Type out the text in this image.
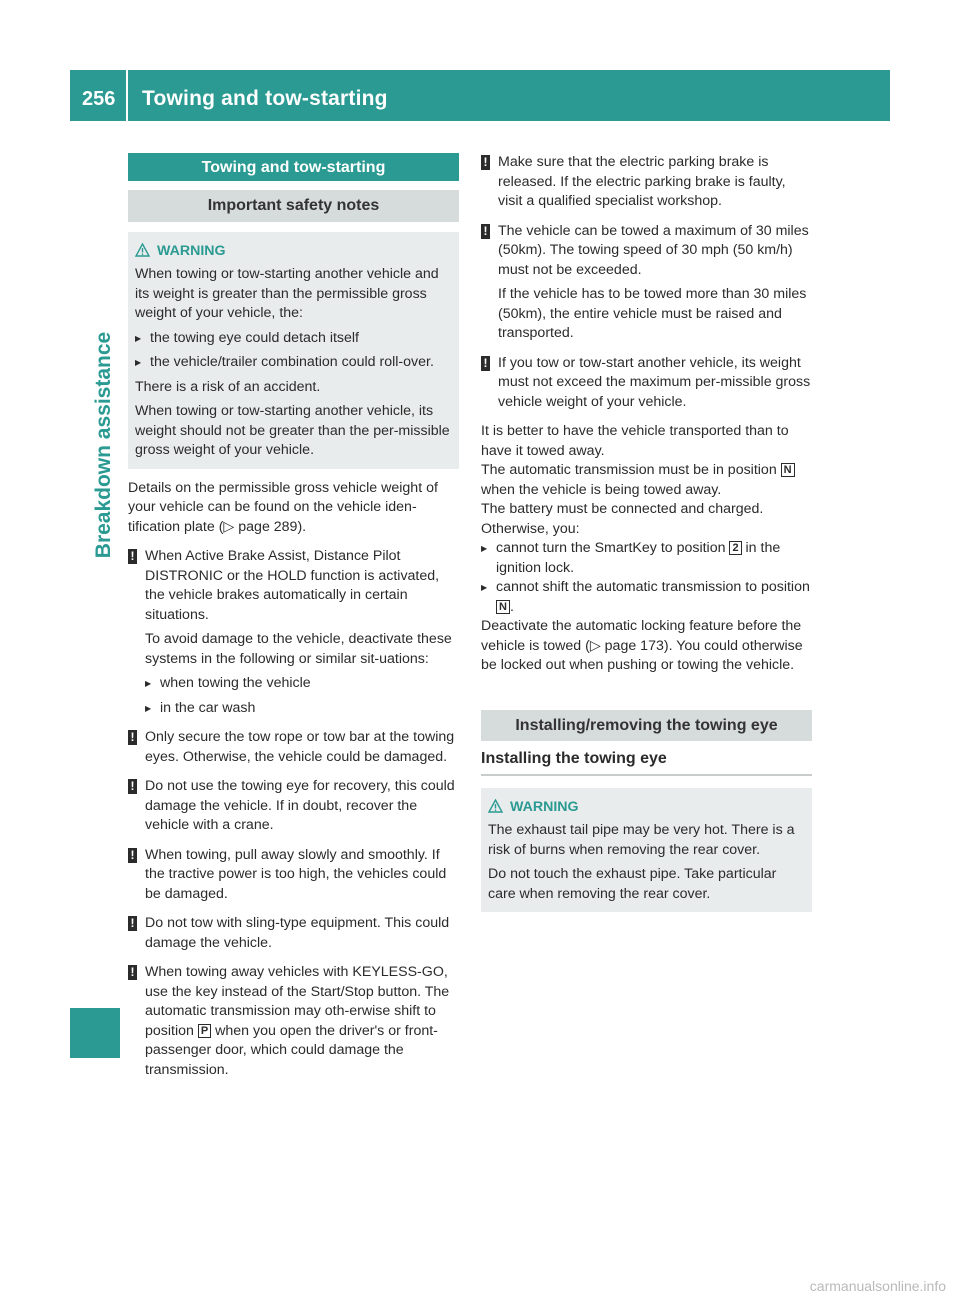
256 Towing and tow-starting
Breakdown assistance
Towing and tow-starting
Important safety notes
WARNING

When towing or tow-starting another vehicle and its weight is greater than the permissible gross weight of your vehicle, the:

▶ the towing eye could detach itself
▶ the vehicle/trailer combination could roll-over.

There is a risk of an accident.

When towing or tow-starting another vehicle, its weight should not be greater than the per-missible gross weight of your vehicle.

Details on the permissible gross vehicle weight of your vehicle can be found on the vehicle iden-tification plate (▷ page 289).

! When Active Brake Assist, Distance Pilot DISTRONIC or the HOLD function is activated, the vehicle brakes automatically in certain situations.

To avoid damage to the vehicle, deactivate these systems in the following or similar sit-uations:

▶ when towing the vehicle
▶ in the car wash
! Only secure the tow rope or tow bar at the towing eyes. Otherwise, the vehicle could be damaged.

! Do not use the towing eye for recovery, this could damage the vehicle. If in doubt, recover the vehicle with a crane.

! When towing, pull away slowly and smoothly. If the tractive power is too high, the vehicles could be damaged.

! Do not tow with sling-type equipment. This could damage the vehicle.

! When towing away vehicles with KEYLESS-GO, use the key instead of the Start/Stop button. The automatic transmission may oth-erwise shift to position P when you open the driver's or front-passenger door, which could damage the transmission.

! Make sure that the electric parking brake is released. If the electric parking brake is faulty, visit a qualified specialist workshop.

! The vehicle can be towed a maximum of 30 miles (50km). The towing speed of 30 mph (50 km/h) must not be exceeded.

If the vehicle has to be towed more than 30 miles (50km), the entire vehicle must be raised and transported.

! If you tow or tow-start another vehicle, its weight must not exceed the maximum per-missible gross vehicle weight of your vehicle.

It is better to have the vehicle transported than to have it towed away.

The automatic transmission must be in position N when the vehicle is being towed away.

The battery must be connected and charged. Otherwise, you:

▶ cannot turn the SmartKey to position 2 in the ignition lock.
▶ cannot shift the automatic transmission to position N .

Deactivate the automatic locking feature before the vehicle is towed (▷ page 173). You could otherwise be locked out when pushing or towing the vehicle.

Installing/removing the towing eye
Installing the towing eye
WARNING

The exhaust tail pipe may be very hot. There is a risk of burns when removing the rear cover.

Do not touch the exhaust pipe. Take particular care when removing the rear cover.

carmanualsonline.info
